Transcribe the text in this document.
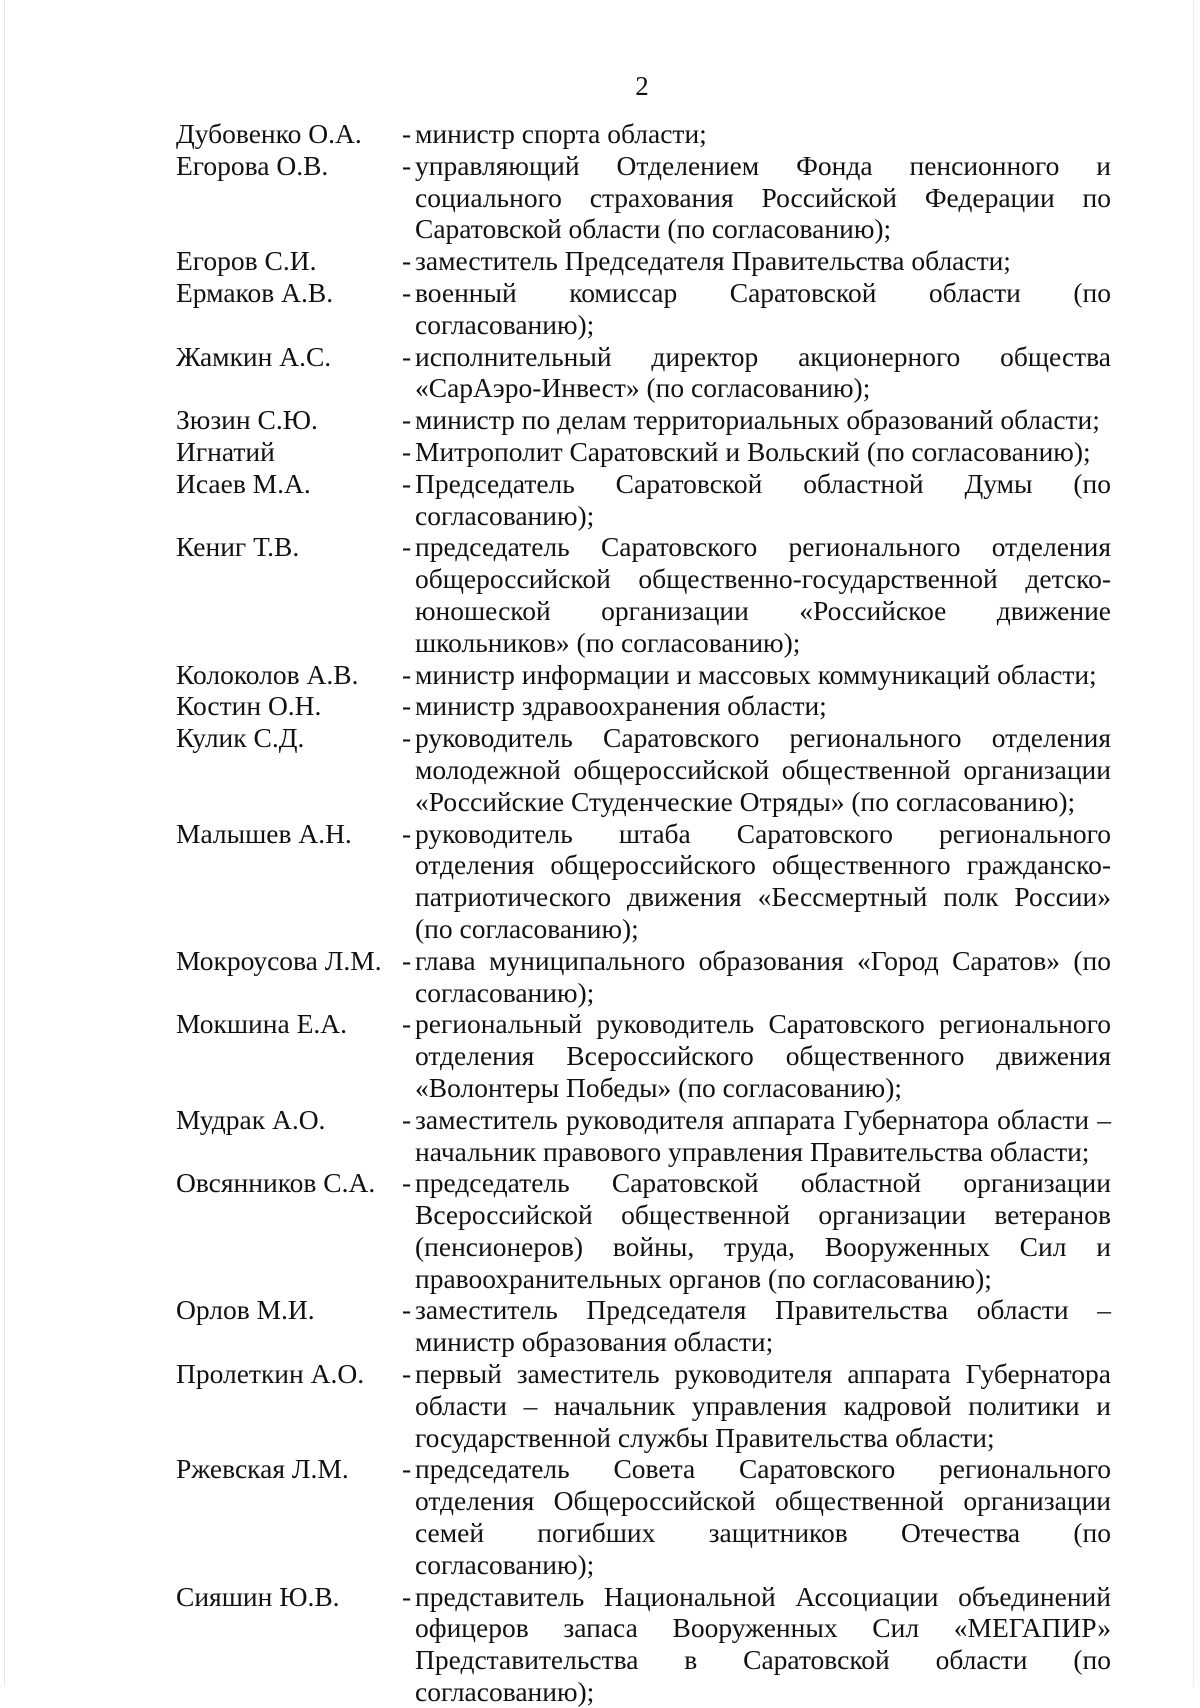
2
Дубовенко О.А.	- министр спорта области;
Егорова О.В.	- управляющий Отделением Фонда пенсионного и социального страхования Российской Федерации по Саратовской области (по согласованию);
Егоров С.И.	- заместитель Председателя Правительства области;
Ермаков А.В.	- военный комиссар Саратовской области (по согласованию);
Жамкин А.С.	- исполнительный директор акционерного общества «СарАэро-Инвест» (по согласованию);
Зюзин С.Ю.	- министр по делам территориальных образований области;
Игнатий	- Митрополит Саратовский и Вольский (по согласованию);
Исаев М.А.	- Председатель Саратовской областной Думы (по согласованию);
Кениг Т.В.	- председатель Саратовского регионального отделения общероссийской общественно-государственной детско-юношеской организации «Российское движение школьников» (по согласованию);
Колоколов А.В.	- министр информации и массовых коммуникаций области;
Костин О.Н.	- министр здравоохранения области;
Кулик С.Д.	- руководитель Саратовского регионального отделения молодежной общероссийской общественной организации «Российские Студенческие Отряды» (по согласованию);
Малышев А.Н.	- руководитель штаба Саратовского регионального отделения общероссийского общественного гражданско-патриотического движения «Бессмертный полк России» (по согласованию);
Мокроусова Л.М. - глава муниципального образования «Город Саратов» (по согласованию);
Мокшина Е.А.	- региональный руководитель Саратовского регионального отделения Всероссийского общественного движения «Волонтеры Победы» (по согласованию);
Мудрак А.О.	- заместитель руководителя аппарата Губернатора области – начальник правового управления Правительства области;
Овсянников С.А. - председатель Саратовской областной организации Всероссийской общественной организации ветеранов (пенсионеров) войны, труда, Вооруженных Сил и правоохранительных органов (по согласованию);
Орлов М.И.	- заместитель Председателя Правительства области – министр образования области;
Пролеткин А.О.	- первый заместитель руководителя аппарата Губернатора области – начальник управления кадровой политики и государственной службы Правительства области;
Ржевская Л.М.	- председатель Совета Саратовского регионального отделения Общероссийской общественной организации семей погибших защитников Отечества (по согласованию);
Сияшин Ю.В.	- представитель Национальной Ассоциации объединений офицеров запаса Вооруженных Сил «МЕГАПИР» Представительства в Саратовской области (по согласованию);
